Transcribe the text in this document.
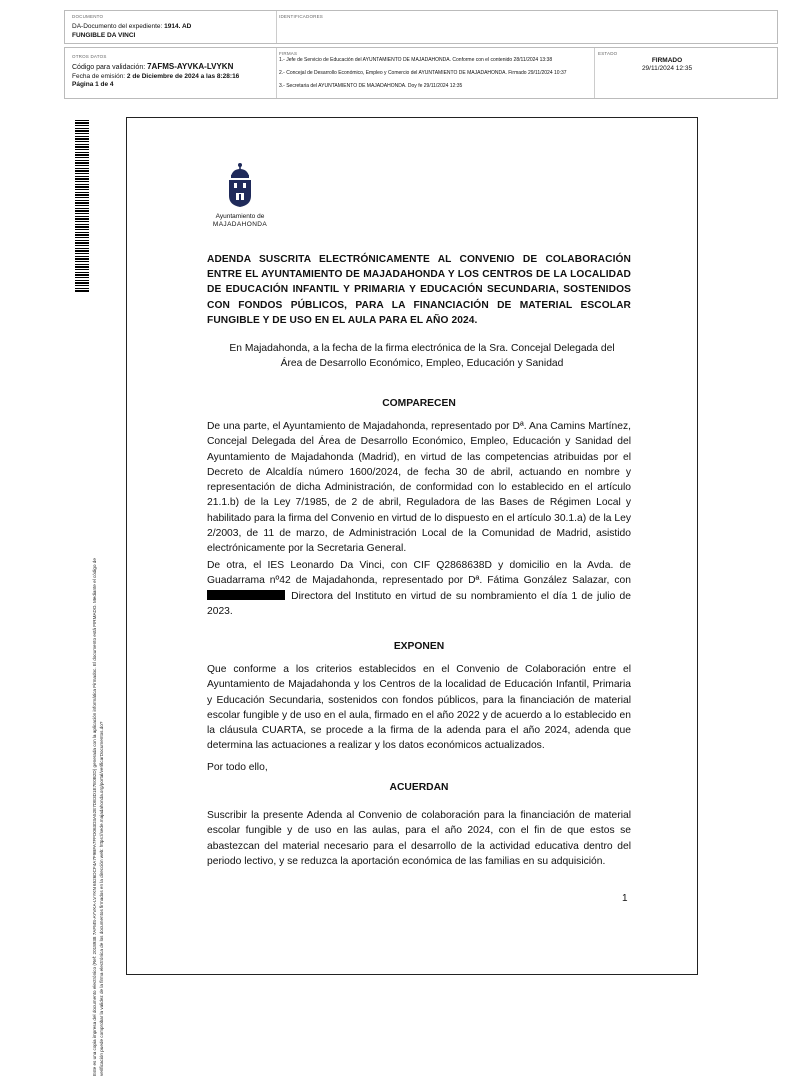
DOCUMENTO
DA-Documento del expediente: 1914. AD
FUNGIBLE DA VINCI
IDENTIFICADORES
OTROS DATOS
Código para validación: 7AFMS-AYVKA-LVYKN
Fecha de emisión: 2 de Diciembre de 2024 a las 8:28:16
Página 1 de 4
FIRMAS
1.- Jefe de Servicio de Educación del AYUNTAMIENTO DE MAJADAHONDA. Conforme con el contenido 28/11/2024 13:38
2.- Concejal de Desarrollo Económico, Empleo y Comercio del AYUNTAMIENTO DE MAJADAHONDA. Firmado 29/11/2024 10:37
3.- Secretaria del AYUNTAMIENTO DE MAJADAHONDA. Doy fe 29/11/2024 12:35
ESTADO
FIRMADO
29/11/2024 12:35
Este es una copia impresa del documento electrónico (Ref: 2018938 7AFMS-AYVKA-LVYKN 6526DCF4A7F9BFA7FFD063D3A52E7DE3D1E7E0B2D) generada con la aplicación informática Firmadoc. El documento está FIRMADO. Mediante el código de verificación puede comprobar la validez de la firma electrónica de los documentos firmados en la dirección web: https://sede.majadahonda.org/portal/verificarDocumentos.do?
Ayuntamiento de
MAJADAHONDA
ADENDA SUSCRITA ELECTRÓNICAMENTE AL CONVENIO DE COLABORACIÓN ENTRE EL AYUNTAMIENTO DE MAJADAHONDA Y LOS CENTROS DE LA LOCALIDAD DE EDUCACIÓN INFANTIL Y PRIMARIA Y EDUCACIÓN SECUNDARIA, SOSTENIDOS CON FONDOS PÚBLICOS, PARA LA FINANCIACIÓN DE MATERIAL ESCOLAR FUNGIBLE Y DE USO EN EL AULA PARA EL AÑO 2024.
En Majadahonda, a la fecha de la firma electrónica de la Sra. Concejal Delegada del Área de Desarrollo Económico, Empleo, Educación y Sanidad
COMPARECEN
De una parte, el Ayuntamiento de Majadahonda, representado por Dª. Ana Camins Martínez, Concejal Delegada del Área de Desarrollo Económico, Empleo, Educación y Sanidad del Ayuntamiento de Majadahonda (Madrid), en virtud de las competencias atribuidas por el Decreto de Alcaldía número 1600/2024, de fecha 30 de abril, actuando en nombre y representación de dicha Administración, de conformidad con lo establecido en el artículo 21.1.b) de la Ley 7/1985, de 2 de abril, Reguladora de las Bases de Régimen Local y habilitado para la firma del Convenio en virtud de lo dispuesto en el artículo 30.1.a) de la Ley 2/2003, de 11 de marzo, de Administración Local de la Comunidad de Madrid, asistido electrónicamente por la Secretaria General.
De otra, el IES Leonardo Da Vinci, con CIF Q2868638D y domicilio en la Avda. de Guadarrama nº42 de Majadahonda, representado por Dª. Fátima González Salazar, con  Directora del Instituto en virtud de su nombramiento el día 1 de julio de 2023.
EXPONEN
Que conforme a los criterios establecidos en el Convenio de Colaboración entre el Ayuntamiento de Majadahonda y los Centros de la localidad de Educación Infantil, Primaria y Educación Secundaria, sostenidos con fondos públicos, para la financiación de material escolar fungible y de uso en el aula, firmado en el año 2022 y de acuerdo a lo establecido en la cláusula CUARTA, se procede a la firma de la adenda para el año 2024, adenda que determina las actuaciones a realizar y los datos económicos actualizados.
Por todo ello,
ACUERDAN
Suscribir la presente Adenda al Convenio de colaboración para la financiación de material escolar fungible y de uso en las aulas, para el año 2024, con el fin de que estos se abastezcan del material necesario para el desarrollo de la actividad educativa dentro del periodo lectivo, y se reduzca la aportación económica de las familias en su adquisición.
1
